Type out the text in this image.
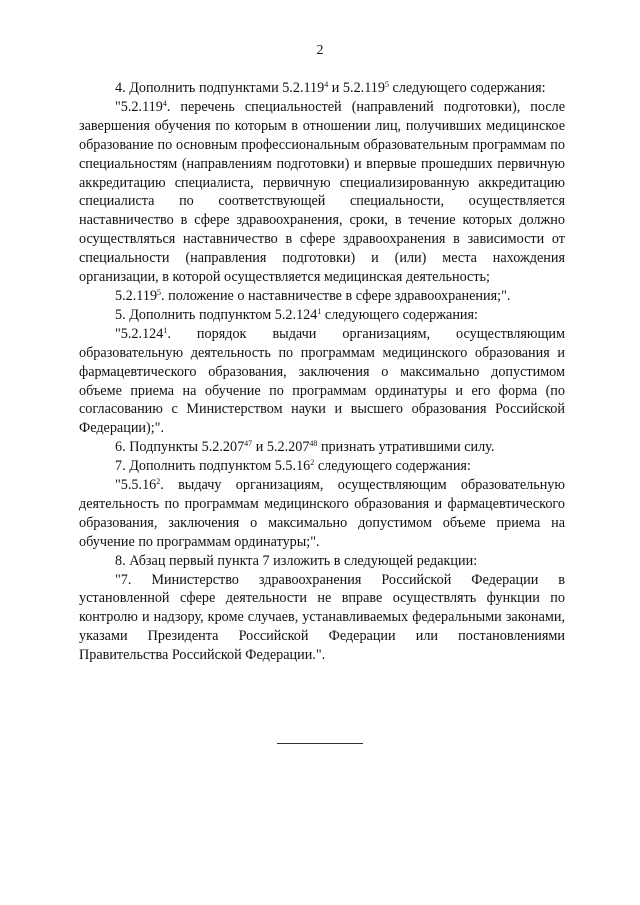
2

4. Дополнить подпунктами 5.2.119$^4$ и 5.2.119$^5$ следующего содержания:

"5.2.119$^4$. перечень специальностей (направлений подготовки), после завершения обучения по которым в отношении лиц, получивших медицинское образование по основным профессиональным образовательным программам по специальностям (направлениям подготовки) и впервые прошедших первичную аккредитацию специалиста, первичную специализированную аккредитацию специалиста по соответствующей специальности, осуществляется наставничество в сфере здравоохранения, сроки, в течение которых должно осуществляться наставничество в сфере здравоохранения в зависимости от специальности (направления подготовки) и (или) места нахождения организации, в которой осуществляется медицинская деятельность;

5.2.119$^5$. положение о наставничестве в сфере здравоохранения;".

5. Дополнить подпунктом 5.2.124$^1$ следующего содержания:

"5.2.124$^1$. порядок выдачи организациям, осуществляющим образовательную деятельность по программам медицинского образования и фармацевтического образования, заключения о максимально допустимом объеме приема на обучение по программам ординатуры и его форма (по согласованию с Министерством науки и высшего образования Российской Федерации);".

6. Подпункты 5.2.207$^{47}$ и 5.2.207$^{48}$ признать утратившими силу.

7. Дополнить подпунктом 5.5.16$^2$ следующего содержания:

"5.5.16$^2$. выдачу организациям, осуществляющим образовательную деятельность по программам медицинского образования и фармацевтического образования, заключения о максимально допустимом объеме приема на обучение по программам ординатуры;".

8. Абзац первый пункта 7 изложить в следующей редакции:

"7. Министерство здравоохранения Российской Федерации в установленной сфере деятельности не вправе осуществлять функции по контролю и надзору, кроме случаев, устанавливаемых федеральными законами, указами Президента Российской Федерации или постановлениями Правительства Российской Федерации.".
